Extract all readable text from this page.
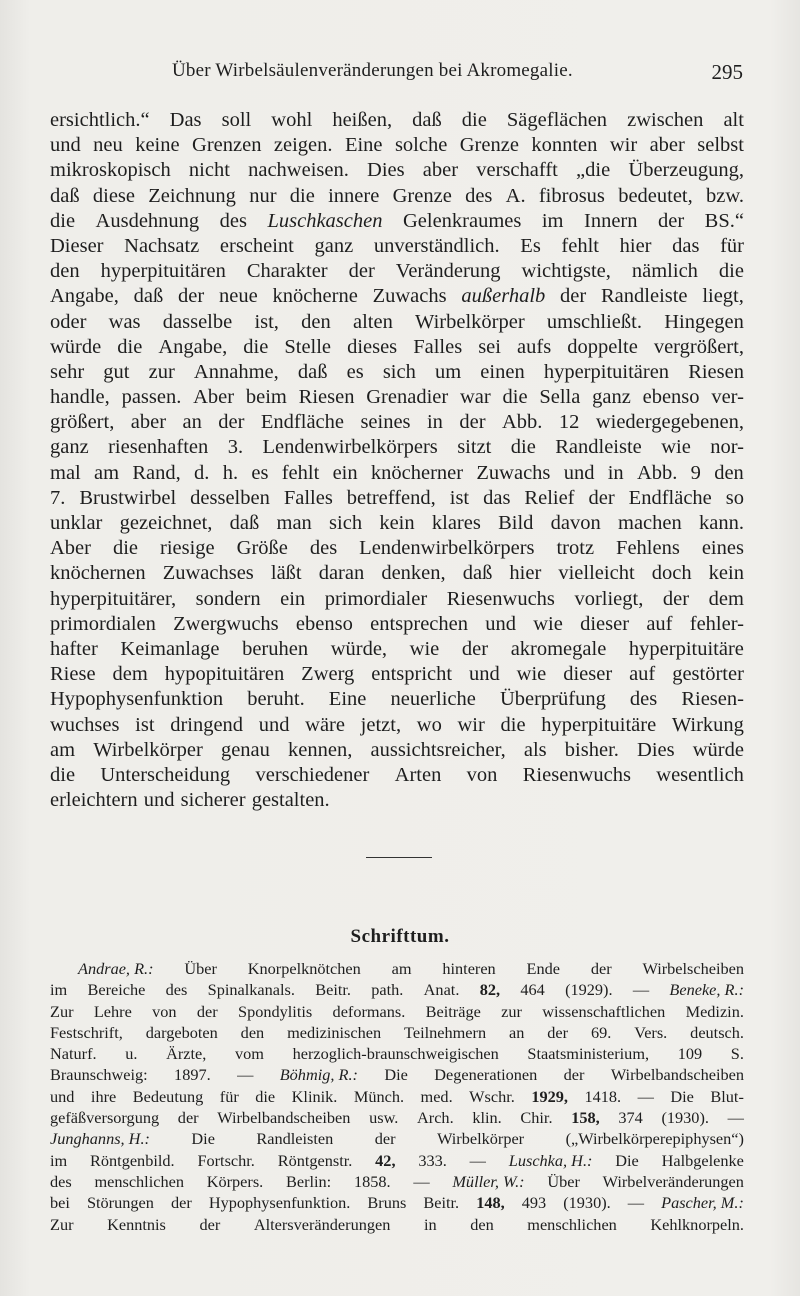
Über Wirbelsäulenveränderungen bei Akromegalie.	295
ersichtlich.“ Das soll wohl heißen, daß die Sägeflächen zwischen alt
und neu keine Grenzen zeigen. Eine solche Grenze konnten wir aber selbst
mikroskopisch nicht nachweisen. Dies aber verschafft „die Überzeugung,
daß diese Zeichnung nur die innere Grenze des A. fibrosus bedeutet, bzw.
die Ausdehnung des Luschkaschen Gelenkraumes im Innern der BS.“
Dieser Nachsatz erscheint ganz unverständlich. Es fehlt hier das für
den hyperpituitären Charakter der Veränderung wichtigste, nämlich die
Angabe, daß der neue knöcherne Zuwachs außerhalb der Randleiste liegt,
oder was dasselbe ist, den alten Wirbelkörper umschließt. Hingegen
würde die Angabe, die Stelle dieses Falles sei aufs doppelte vergrößert,
sehr gut zur Annahme, daß es sich um einen hyperpituitären Riesen
handle, passen. Aber beim Riesen Grenadier war die Sella ganz ebenso ver-
größert, aber an der Endfläche seines in der Abb. 12 wiedergegebenen,
ganz riesenhaften 3. Lendenwirbelkörpers sitzt die Randleiste wie nor-
mal am Rand, d. h. es fehlt ein knöcherner Zuwachs und in Abb. 9 den
7. Brustwirbel desselben Falles betreffend, ist das Relief der Endfläche so
unklar gezeichnet, daß man sich kein klares Bild davon machen kann.
Aber die riesige Größe des Lendenwirbelkörpers trotz Fehlens eines
knöchernen Zuwachses läßt daran denken, daß hier vielleicht doch kein
hyperpituitärer, sondern ein primordialer Riesenwuchs vorliegt, der dem
primordialen Zwergwuchs ebenso entsprechen und wie dieser auf fehler-
hafter Keimanlage beruhen würde, wie der akromegale hyperpituitäre
Riese dem hypopituitären Zwerg entspricht und wie dieser auf gestörter
Hypophysenfunktion beruht. Eine neuerliche Überprüfung des Riesen-
wuchses ist dringend und wäre jetzt, wo wir die hyperpituitäre Wirkung
am Wirbelkörper genau kennen, aussichtsreicher, als bisher. Dies würde
die Unterscheidung verschiedener Arten von Riesenwuchs wesentlich
erleichtern und sicherer gestalten.
Schrifttum.
Andrae, R.: Über Knorpelknötchen am hinteren Ende der Wirbelscheiben
im Bereiche des Spinalkanals. Beitr. path. Anat. 82, 464 (1929). — Beneke, R.:
Zur Lehre von der Spondylitis deformans. Beiträge zur wissenschaftlichen Medizin.
Festschrift, dargeboten den medizinischen Teilnehmern an der 69. Vers. deutsch.
Naturf. u. Ärzte, vom herzoglich-braunschweigischen Staatsministerium, 109 S.
Braunschweig: 1897. — Böhmig, R.: Die Degenerationen der Wirbelbandscheiben
und ihre Bedeutung für die Klinik. Münch. med. Wschr. 1929, 1418. — Die Blut-
gefäßversorgung der Wirbelbandscheiben usw. Arch. klin. Chir. 158, 374 (1930). —
Junghanns, H.:	Die	Randleisten	der	Wirbelkörper	(„Wirbelkörperepiphysen“)
im Röntgenbild. Fortschr. Röntgenstr. 42, 333. — Luschka, H.: Die Halbgelenke
des menschlichen Körpers. Berlin: 1858. — Müller, W.: Über Wirbelveränderungen
bei Störungen der Hypophysenfunktion. Bruns Beitr. 148, 493 (1930). — Pascher, M.:
Zur Kenntnis der Altersveränderungen in den menschlichen Kehlknorpeln.
